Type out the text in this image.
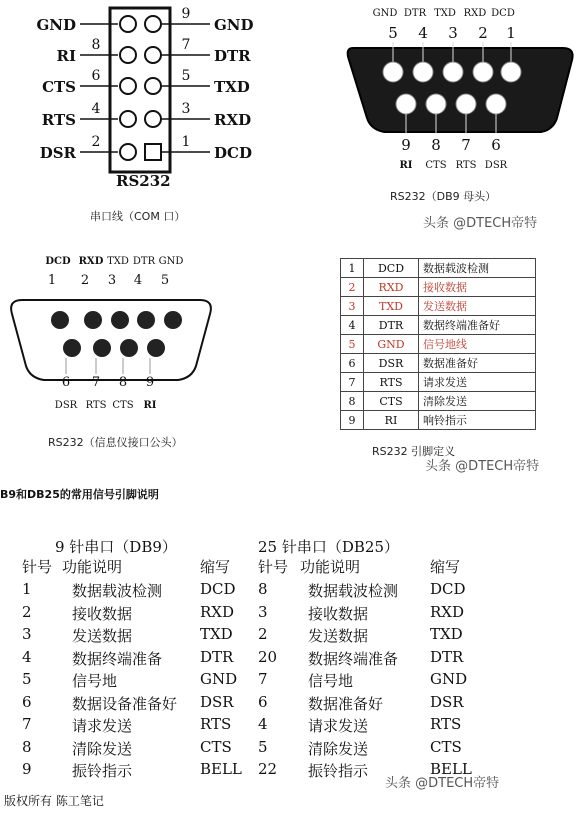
GND	GND
9
RI
8
DTR
7
CTS
6
TXD
5
RTS
4
RXD
3
DSR
2
DCD
1
RS232
串口线（COM 口）
GND
5
DTR
4
TXD
3
RXD
2
DCD
1
9
RI
8
CTS
7
RTS
6
DSR
RS232（DB9 母头）
头条 @DTECH帝特
DCD
1
RXD
2
TXD
3
DTR
4
GND
5
6
DSR
7
RTS
8
CTS
9
RI
RS232（信息仪接口公头）
1	DCD	数据载波检测
2	RXD	接收数据
3	TXD	发送数据
4	DTR	数据终端准备好
5	GND	信号地线
6	DSR	数据准备好
7	RTS	请求发送
8	CTS	清除发送
9	RI	响铃指示
RS232 引脚定义
头条 @DTECH帝特
B9和DB25的常用信号引脚说明
9 针串口（DB9）	25 针串口（DB25）
针号 功能说明	缩写 针号 功能说明	缩写
1	数据载波检测	DCD 8	数据载波检测 DCD
2	接收数据	RXD 3	接收数据	RXD
3	发送数据	TXD 2	发送数据	TXD
4	数据终端准备	DTR 20 数据终端准备 DTR
5	信号地	GND 7	信号地	GND
6	数据设备准备好 DSR 6	数据准备好	DSR
7	请求发送	RTS 4	请求发送	RTS
8	清除发送	CTS 5	清除发送	CTS
9	振铃指示	BELL 22 振铃指示	BELL
头条 @DTECH帝特
版权所有 陈工笔记
